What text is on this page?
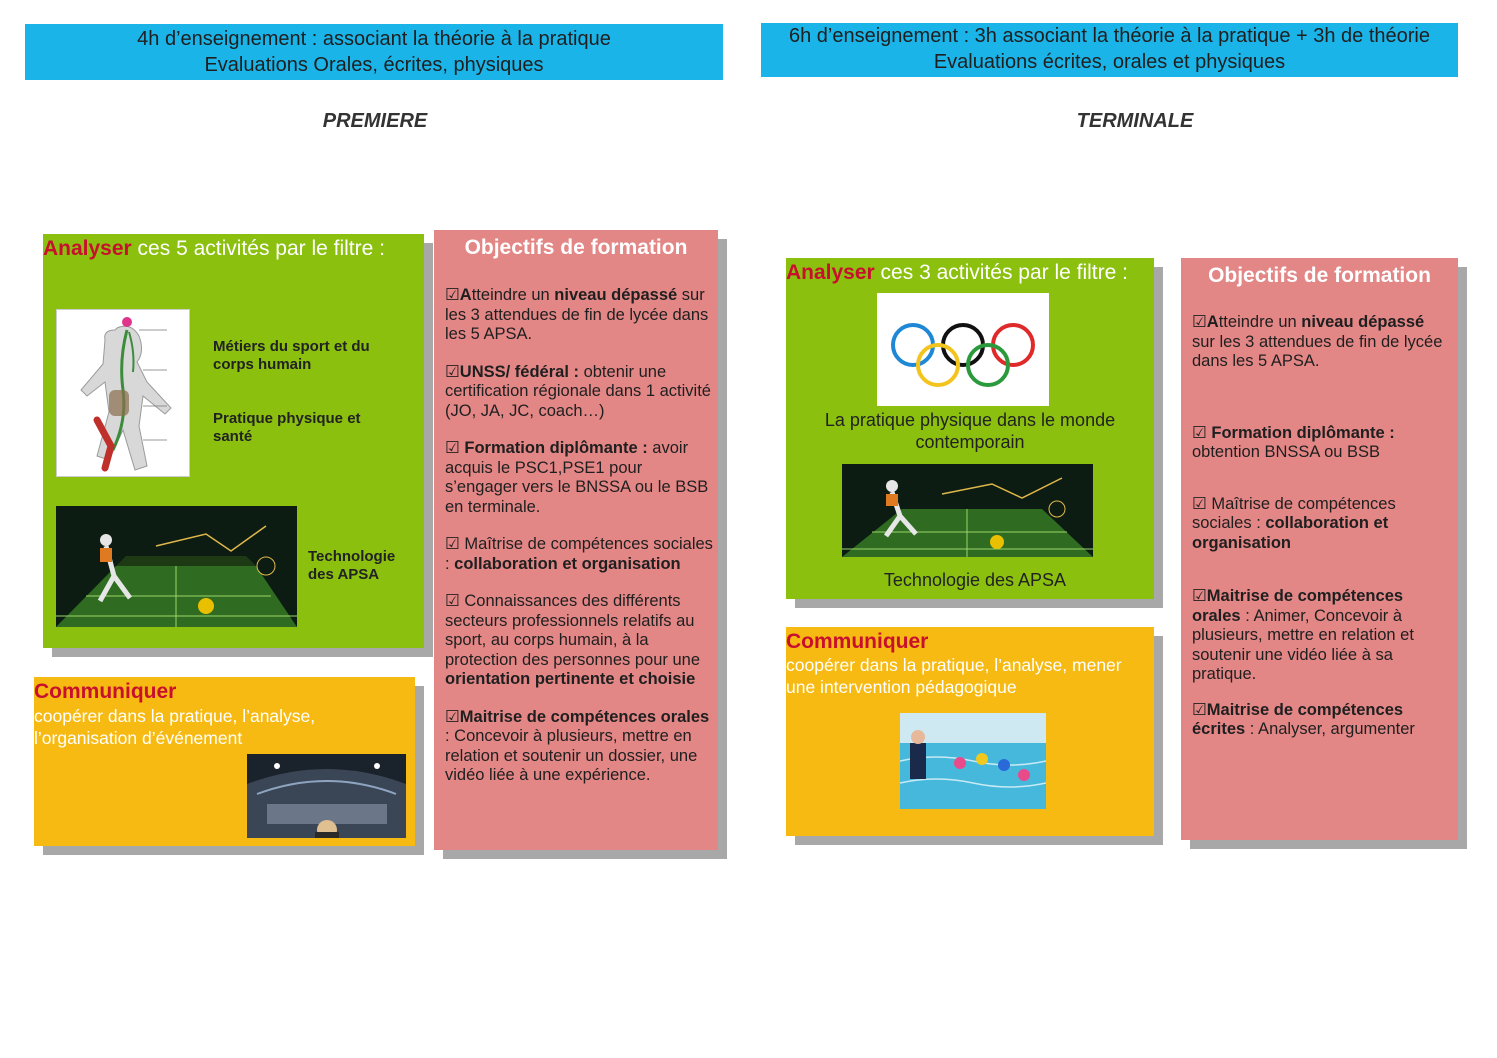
4h d’enseignement : associant la théorie à la pratique
Evaluations Orales, écrites, physiques
PREMIERE
Analyser ces 5 activités par le filtre :
Métiers du sport et du corps humain
Pratique physique et santé
Technologie des APSA
Communiquer
coopérer dans la pratique, l’analyse, l’organisation d’événement
Objectifs de formation

☑Atteindre un niveau dépassé sur les 3 attendues de fin de lycée dans les 5 APSA.

☑UNSS/ fédéral : obtenir une certification régionale dans 1 activité (JO, JA, JC, coach…)

☑ Formation diplômante : avoir acquis le PSC1,PSE1 pour s’engager vers le BNSSA ou le BSB en terminale.

☑ Maîtrise de compétences sociales : collaboration et organisation

☑ Connaissances des différents secteurs professionnels relatifs au sport, au corps humain, à la protection des personnes pour une orientation pertinente et choisie

☑Maitrise de compétences orales : Concevoir à plusieurs, mettre en relation et soutenir un dossier, une vidéo liée à une expérience.

6h d’enseignement : 3h associant la théorie à la pratique + 3h de théorie
Evaluations écrites, orales et physiques
TERMINALE
Analyser ces 3 activités par le filtre :
La pratique physique dans le monde contemporain
Technologie des APSA
Communiquer
coopérer dans la pratique, l’analyse, mener une intervention pédagogique
Objectifs de formation

☑Atteindre un niveau dépassé sur les 3 attendues de fin de lycée dans les 5 APSA.

☑ Formation diplômante : obtention BNSSA ou BSB

☑ Maîtrise de compétences sociales : collaboration et organisation

☑Maitrise de compétences orales : Animer, Concevoir à plusieurs, mettre en relation et soutenir une vidéo liée à sa pratique.

☑Maitrise de compétences écrites : Analyser, argumenter
